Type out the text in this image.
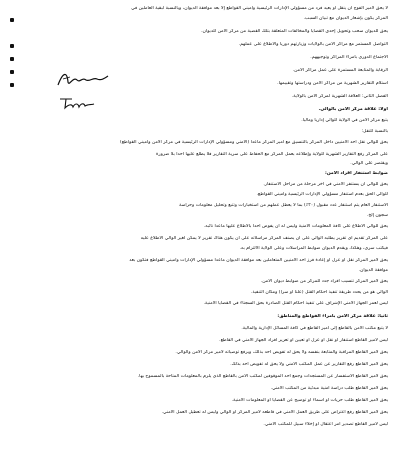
لا يحق لأمير الفوج أن ينقل أو يعيد فرد من مسؤولي الإدارات الرئيسية وأميني القواطع إلا بعد موافقة الديوان، وبالنسبة لبقية العاملين في
المركز يكون بإشعار الديوان مع تبيان السبب.
يحق للديوان سحب وتحويل إحدى القضايا والمخالفات المتعلقة بتلك القضية من مركز الأمن للديوان.
التواصل المستمر مع مراكز الأمن بالولايات وزيارتهم دوريا والاطلاع على عملهم.
الاجتماع الدوري بأمراء المراكز وتوجيههم.
الرقابة والمتابعة المستمرة على عمل مراكز الأمن.
استلام التقارير الشهرية من مراكز الأمن ودراستها وتقييمها.
الفصل الثاني: العلاقة الشهرية لمركز الأمن بالولاية.
أولاً: علاقة مركز الأمن بالوالي.
يتبع مركز الأمن في الولاية للوالي إداريا وماليا.
بالنسبة للنقل:
يحق للوالي نقل أحد الأمنيين داخل المركز بالتنسيق مع أمير المركز ماعدا (الأمني ومسؤولي الإدارات الرئيسية في مركز الأمن وأميني القواطع)
على المركز رفع التقارير الشهرية للولاية وإطلاعه بعمل المركز مع الحفاظ على سرية التقارير فلا يطلع عليها أحدا بلا ضرورة
ويقتصر على الوالي.
ضوابط استنفار أفراد الأمن:
يحق للوالي أن يستنفر الأمني في آخر مرحلة من مراحل الاستنفار.
للوالي الحق بعدم استنفار مسؤولي الإدارات الرئيسية وأميني القواطع.
الاستنفار العام يتم استنفار عدد مقبول (٢٠٪) بما لا يعطل عملهم من استخبارات وتتبع وتحليل معلومات وحراسة
سجون إلخ.
يحق للوالي الاطلاع على كافة المعلومات الأمنية وليس له أن يفوض أحدا بالاطلاع عليها ماعدا نائبه.
على المركز تقديم أي تقرير يطلبه الوالي على أن يصنف المركز مراسلاته على أن يكون هناك تقرير لا يمكن لغير الوالي الاطلاع عليه
فيكتب سري، وهكذا، ويقدم الديوان ضوابط المراسلات وعلى الولاية الالتزام به.
يحق لأمير المركز نقل أو عزل أو إعادة فرز أحد الأمنيين المتعاملين بعد موافقة الديوان ماعدا مسؤولي الإدارات وأميني القواطع فتكون بعد
موافقة الديوان.
يحق لأمير المركز تنسيب أفراد جدد للمركز من ضوابط ديوان الأمن.
الوالي هو من يحدد طريقة تنفيذ أحكام القتل (علنا أو سرا) ومكان التنفيذ.
ليس لعمر الجهاز الأمني الإشراف على تنفيذ أحكام القتل الصادرة بحق السجناء في القضايا الأمنية.
ثانياً: علاقة مركز الأمن بأمراء القواطع والمناطق:
لا يتبع مكتب الأمن بالقاطع إلى أمير القاطع في كافة المسائل الإدارية والمالية.
ليس لأمير القاطع استنفار أو نقل أو عزل أو تعيين أو تعزير أفراد الجهاز الأمني في القاطع.
يحق لأمير القاطع المراقبة والمتابعة بنفسه ولا يحق له تفويض أحد بذلك، ويرفع توصياته لأمير مركز الأمن والوالي.
يحق لأمير القاطع رفع التقارير عن عمل المكتب الأمني ولا يحق له تفويض أحد بذلك.
يحق لأمير القاطع الاستفسار عن المستجدات وجمع أحد الموقوفين لمكتب الأمن بالقاطع الذي يلزم بالمعلومات المتاحة بالمسموح بها.
يحق لأمير القاطع طلب دراسة أمنية مبدئية من المكتب الأمني.
يحق لأمير القاطع طلب حريات أو أسماء أو توضيح عن القضايا أو المعلومات الأمنية.
يحق لأمير القاطع رفع اعتراض على طريق العمل الأمني في قاطعه لأمير المركز أو الوالي وليس له تعطيل العمل الأمني.
ليس لأمير القاطع تصدير أمر اعتقال أو إخلاء سبيل للمكتب الأمني.
